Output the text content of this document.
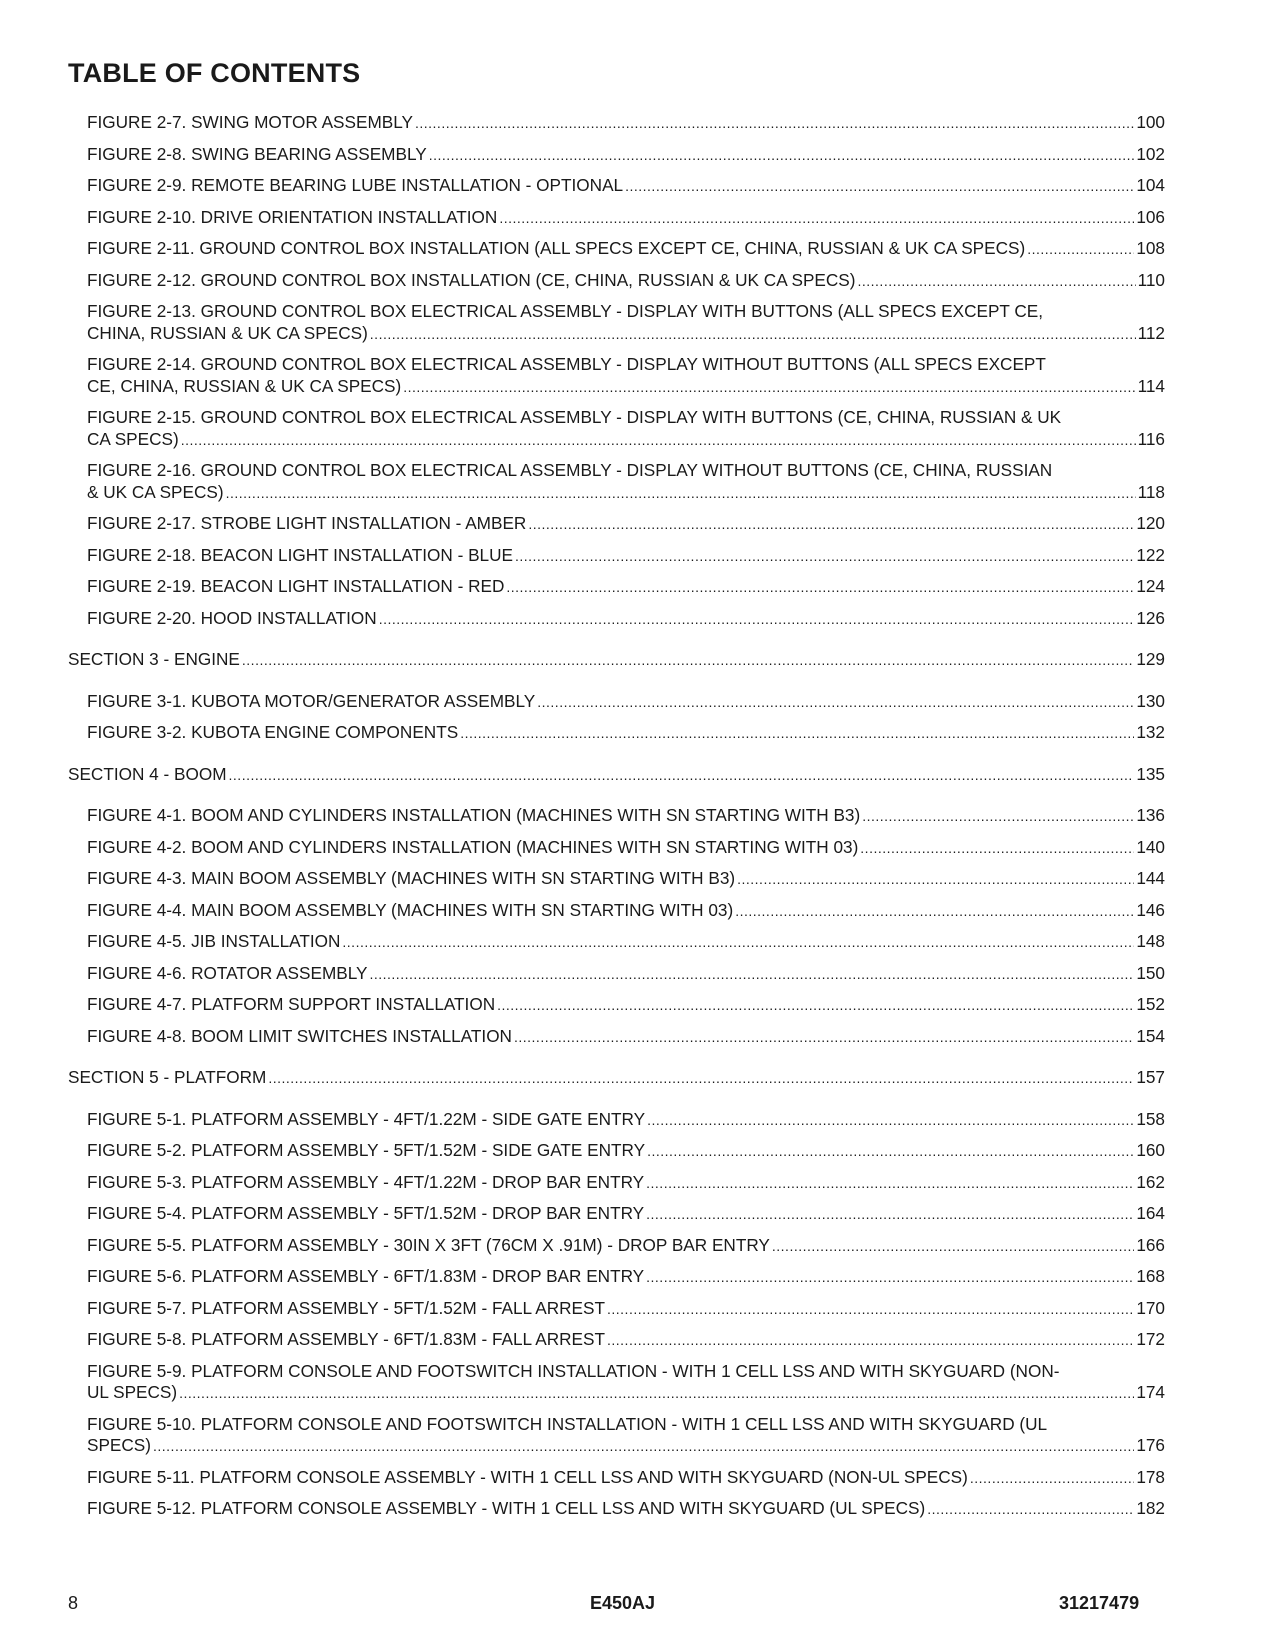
TABLE OF CONTENTS
FIGURE 2-7. SWING MOTOR ASSEMBLY .....	100
FIGURE 2-8. SWING BEARING ASSEMBLY .....	102
FIGURE 2-9. REMOTE BEARING LUBE INSTALLATION - OPTIONAL .....	104
FIGURE 2-10. DRIVE ORIENTATION INSTALLATION .....	106
FIGURE 2-11. GROUND CONTROL BOX INSTALLATION (ALL SPECS EXCEPT CE, CHINA, RUSSIAN & UK CA SPECS) .....	108
FIGURE 2-12. GROUND CONTROL BOX INSTALLATION (CE, CHINA, RUSSIAN & UK CA SPECS) .....	110
FIGURE 2-13. GROUND CONTROL BOX ELECTRICAL ASSEMBLY - DISPLAY WITH BUTTONS (ALL SPECS EXCEPT CE,
CHINA, RUSSIAN & UK CA SPECS) .....	112
FIGURE 2-14. GROUND CONTROL BOX ELECTRICAL ASSEMBLY - DISPLAY WITHOUT BUTTONS (ALL SPECS EXCEPT
CE, CHINA, RUSSIAN & UK CA SPECS) .....	114
FIGURE 2-15. GROUND CONTROL BOX ELECTRICAL ASSEMBLY - DISPLAY WITH BUTTONS (CE, CHINA, RUSSIAN & UK
CA SPECS) .....	116
FIGURE 2-16. GROUND CONTROL BOX ELECTRICAL ASSEMBLY - DISPLAY WITHOUT BUTTONS (CE, CHINA, RUSSIAN
& UK CA SPECS) .....	118
FIGURE 2-17. STROBE LIGHT INSTALLATION - AMBER .....	120
FIGURE 2-18. BEACON LIGHT INSTALLATION - BLUE .....	122
FIGURE 2-19. BEACON LIGHT INSTALLATION - RED .....	124
FIGURE 2-20. HOOD INSTALLATION .....	126
SECTION 3 - ENGINE .....	129
FIGURE 3-1. KUBOTA MOTOR/GENERATOR ASSEMBLY .....	130
FIGURE 3-2. KUBOTA ENGINE COMPONENTS .....	132
SECTION 4 - BOOM .....	135
FIGURE 4-1. BOOM AND CYLINDERS INSTALLATION (MACHINES WITH SN STARTING WITH B3) .....	136
FIGURE 4-2. BOOM AND CYLINDERS INSTALLATION (MACHINES WITH SN STARTING WITH 03) .....	140
FIGURE 4-3. MAIN BOOM ASSEMBLY (MACHINES WITH SN STARTING WITH B3) .....	144
FIGURE 4-4. MAIN BOOM ASSEMBLY (MACHINES WITH SN STARTING WITH 03) .....	146
FIGURE 4-5. JIB INSTALLATION .....	148
FIGURE 4-6. ROTATOR ASSEMBLY .....	150
FIGURE 4-7. PLATFORM SUPPORT INSTALLATION .....	152
FIGURE 4-8. BOOM LIMIT SWITCHES INSTALLATION .....	154
SECTION 5 - PLATFORM .....	157
FIGURE 5-1. PLATFORM ASSEMBLY - 4FT/1.22M - SIDE GATE ENTRY .....	158
FIGURE 5-2. PLATFORM ASSEMBLY - 5FT/1.52M - SIDE GATE ENTRY .....	160
FIGURE 5-3. PLATFORM ASSEMBLY - 4FT/1.22M - DROP BAR ENTRY .....	162
FIGURE 5-4. PLATFORM ASSEMBLY - 5FT/1.52M - DROP BAR ENTRY .....	164
FIGURE 5-5. PLATFORM ASSEMBLY - 30IN X 3FT (76CM X .91M) - DROP BAR ENTRY .....	166
FIGURE 5-6. PLATFORM ASSEMBLY - 6FT/1.83M - DROP BAR ENTRY .....	168
FIGURE 5-7. PLATFORM ASSEMBLY - 5FT/1.52M - FALL ARREST .....	170
FIGURE 5-8. PLATFORM ASSEMBLY - 6FT/1.83M - FALL ARREST .....	172
FIGURE 5-9. PLATFORM CONSOLE AND FOOTSWITCH INSTALLATION - WITH 1 CELL LSS AND WITH SKYGUARD (NON-
UL SPECS) .....	174
FIGURE 5-10. PLATFORM CONSOLE AND FOOTSWITCH INSTALLATION - WITH 1 CELL LSS AND WITH SKYGUARD (UL
SPECS) .....	176
FIGURE 5-11. PLATFORM CONSOLE ASSEMBLY - WITH 1 CELL LSS AND WITH SKYGUARD (NON-UL SPECS) .....	178
FIGURE 5-12. PLATFORM CONSOLE ASSEMBLY - WITH 1 CELL LSS AND WITH SKYGUARD (UL SPECS) .....	182
8	E450AJ	31217479
